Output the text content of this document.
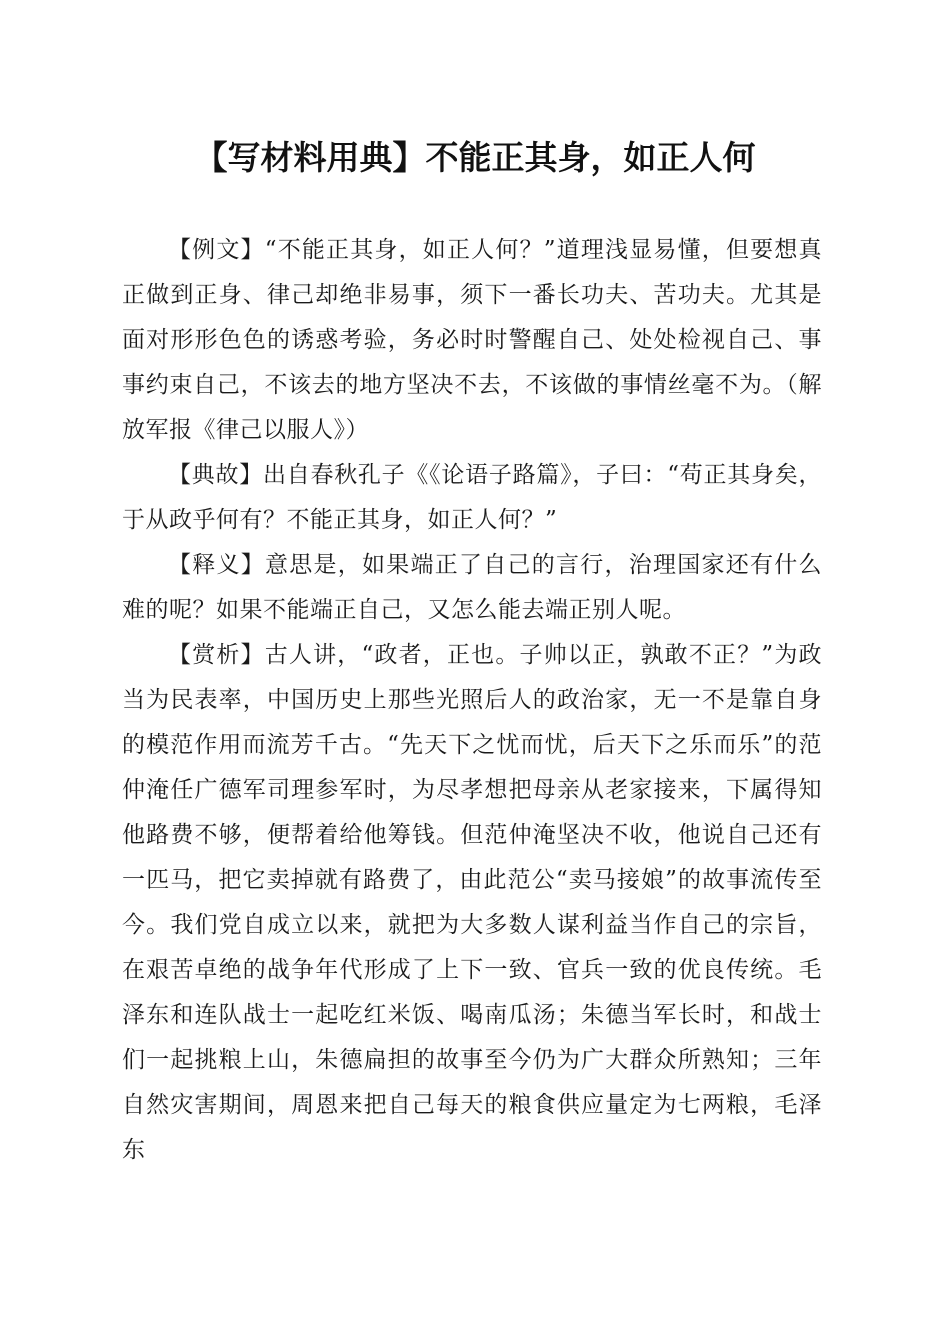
【写材料用典】不能正其身，如正人何

【例文】“不能正其身，如正人何？”道理浅显易懂，但要想真正做到正身、律己却绝非易事，须下一番长功夫、苦功夫。尤其是面对形形色色的诱惑考验，务必时时警醒自己、处处检视自己、事事约束自己，不该去的地方坚决不去，不该做的事情丝毫不为。（解放军报《律己以服人》）

【典故】出自春秋孔子《《论语子路篇》，子曰：“苟正其身矣，于从政乎何有？不能正其身，如正人何？”

【释义】意思是，如果端正了自己的言行，治理国家还有什么难的呢？如果不能端正自己，又怎么能去端正别人呢。

【赏析】古人讲，“政者，正也。子帅以正，孰敢不正？”为政当为民表率，中国历史上那些光照后人的政治家，无一不是靠自身的模范作用而流芳千古。“先天下之忧而忧，后天下之乐而乐”的范仲淹任广德军司理参军时，为尽孝想把母亲从老家接来，下属得知他路费不够，便帮着给他筹钱。但范仲淹坚决不收，他说自己还有一匹马，把它卖掉就有路费了，由此范公“卖马接娘”的故事流传至今。我们党自成立以来，就把为大多数人谋利益当作自己的宗旨，在艰苦卓绝的战争年代形成了上下一致、官兵一致的优良传统。毛泽东和连队战士一起吃红米饭、喝南瓜汤；朱德当军长时，和战士们一起挑粮上山，朱德扁担的故事至今仍为广大群众所熟知；三年自然灾害期间，周恩来把自己每天的粮食供应量定为七两粮，毛泽东
